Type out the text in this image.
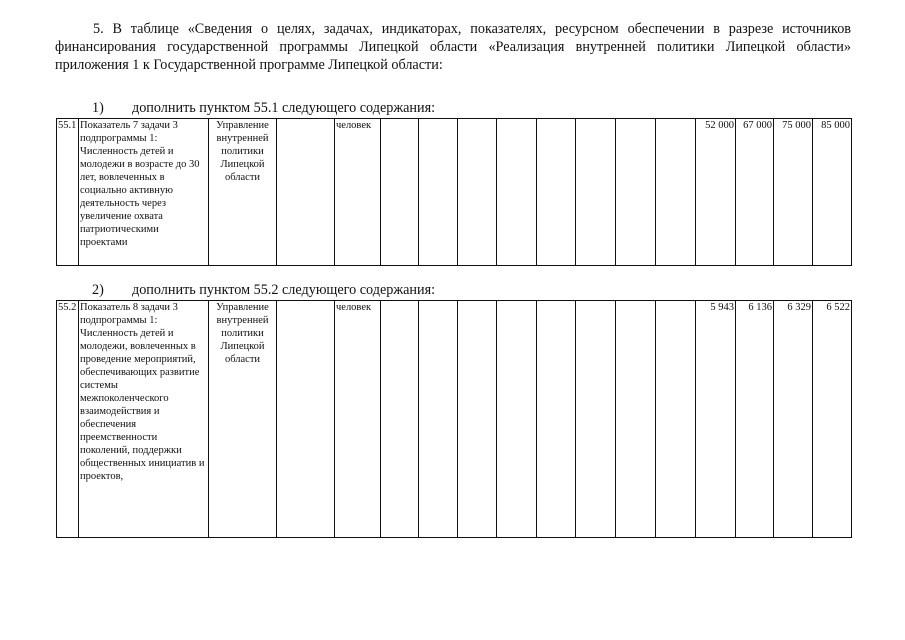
5. В таблице «Сведения о целях, задачах, индикаторах, показателях, ресурсном обеспечении в разрезе источников финансирования государственной программы Липецкой области «Реализация внутренней политики Липецкой области» приложения 1 к Государственной программе Липецкой области:

1) дополнить пунктом 55.1 следующего содержания:
55.1	Показатель 7 задачи 3 подпрограммы 1: Численность детей и молодежи в возрасте до 30 лет, вовлеченных в социально активную деятельность через увеличение охвата патриотическими проектами	Управление внутренней политики Липецкой области		человек									52 000	67 000	75 000	85 000
2) дополнить пунктом 55.2 следующего содержания:
55.2	Показатель 8 задачи 3 подпрограммы 1: Численность детей и молодежи, вовлеченных в проведение мероприятий, обеспечивающих развитие системы межпоколенческого взаимодействия и обеспечения преемственности поколений, поддержки общественных инициатив и проектов,	Управление внутренней политики Липецкой области		человек									5 943	6 136	6 329	6 522
